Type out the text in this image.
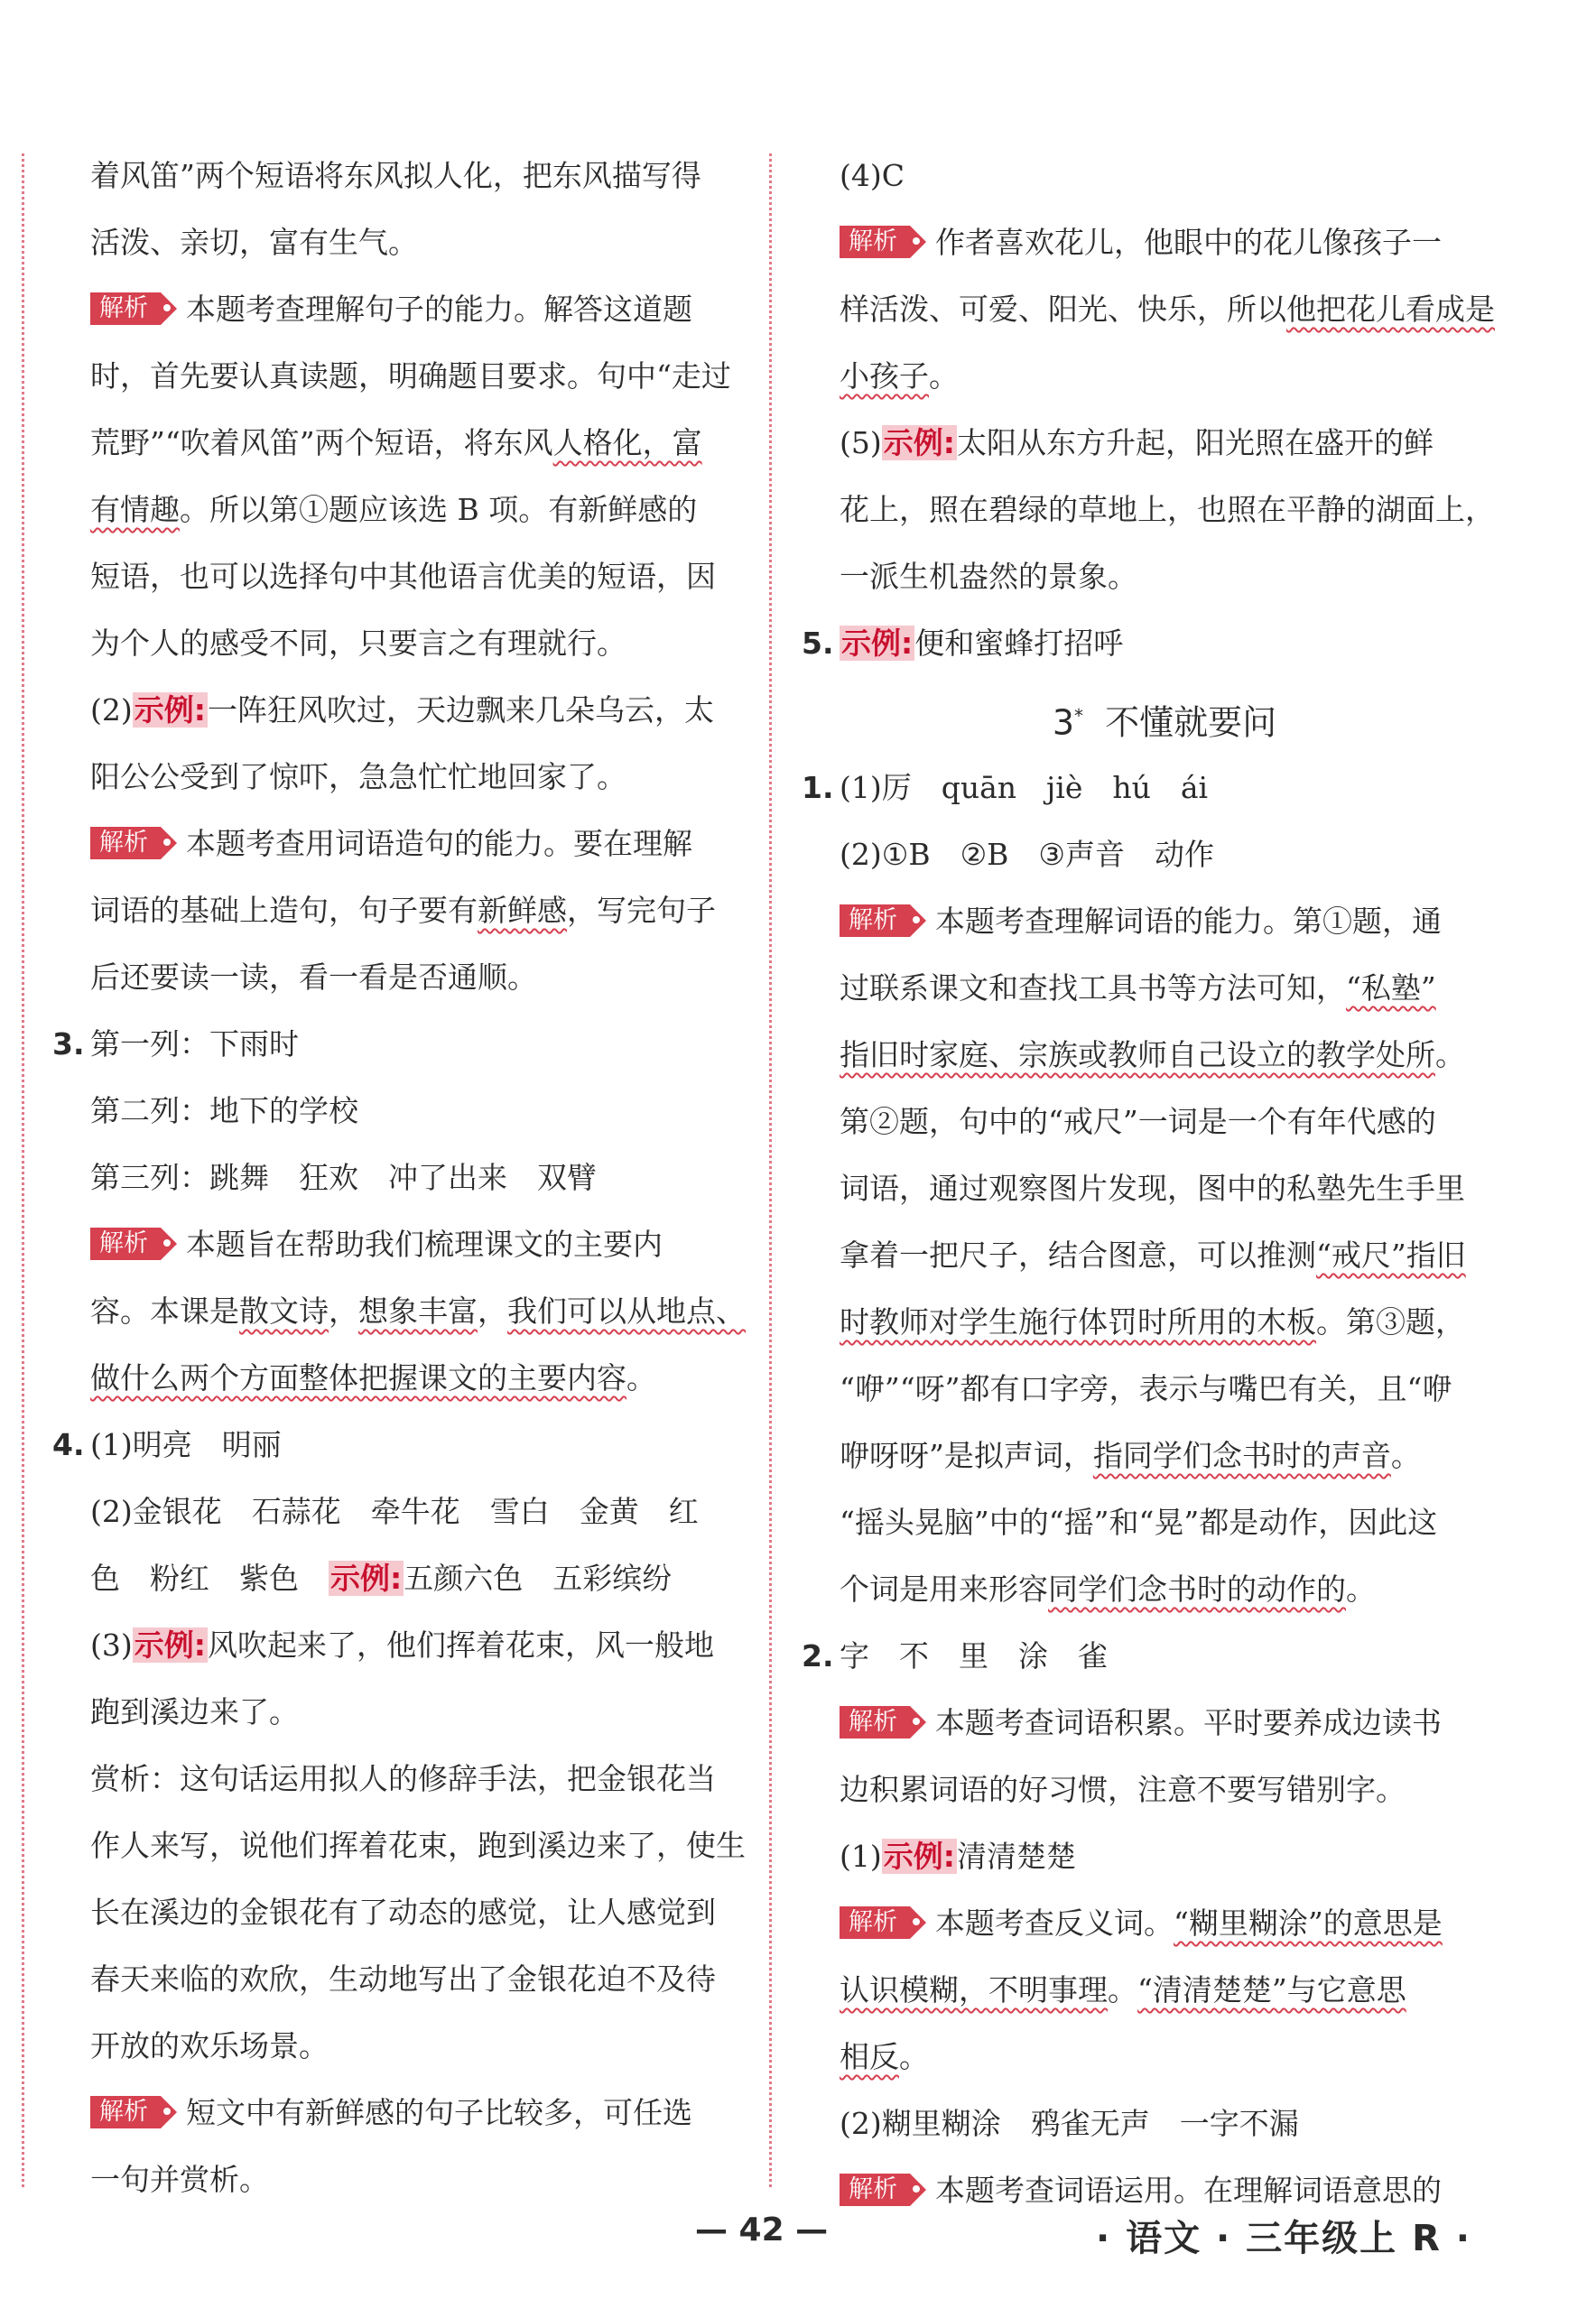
着风笛”两个短语将东风拟人化，把东风描写得
活泼、亲切，富有生气。
解析 本题考查理解句子的能力。解答这道题
时，首先要认真读题，明确题目要求。句中“走过
荒野”“吹着风笛”两个短语，将东风人格化，富
有情趣。所以第①题应该选 B 项。有新鲜感的
短语，也可以选择句中其他语言优美的短语，因
为个人的感受不同，只要言之有理就行。
(2)示例:一阵狂风吹过，天边飘来几朵乌云，太
阳公公受到了惊吓，急急忙忙地回家了。
解析 本题考查用词语造句的能力。要在理解
词语的基础上造句，句子要有新鲜感，写完句子
后还要读一读，看一看是否通顺。
3. 第一列：下雨时
第二列：地下的学校
第三列：跳舞　狂欢　冲了出来　双臂
解析 本题旨在帮助我们梳理课文的主要内
容。本课是散文诗，想象丰富，我们可以从地点、
做什么两个方面整体把握课文的主要内容。
4. (1)明亮　明丽
(2)金银花　石蒜花　牵牛花　雪白　金黄　红
色　粉红　紫色　示例:五颜六色　五彩缤纷
(3)示例:风吹起来了，他们挥着花束，风一般地
跑到溪边来了。
赏析：这句话运用拟人的修辞手法，把金银花当
作人来写，说他们挥着花束，跑到溪边来了，使生
长在溪边的金银花有了动态的感觉，让人感觉到
春天来临的欢欣，生动地写出了金银花迫不及待
开放的欢乐场景。
解析 短文中有新鲜感的句子比较多，可任选
一句并赏析。
(4)C
解析 作者喜欢花儿，他眼中的花儿像孩子一
样活泼、可爱、阳光、快乐，所以他把花儿看成是
小孩子。
(5)示例:太阳从东方升起，阳光照在盛开的鲜
花上，照在碧绿的草地上，也照在平静的湖面上，
一派生机盎然的景象。
5. 示例:便和蜜蜂打招呼
3* 不懂就要问
1. (1)厉　quān　jiè　hú　ái
(2)①B　②B　③声音　动作
解析 本题考查理解词语的能力。第①题，通
过联系课文和查找工具书等方法可知，“私塾”
指旧时家庭、宗族或教师自己设立的教学处所。
第②题，句中的“戒尺”一词是一个有年代感的
词语，通过观察图片发现，图中的私塾先生手里
拿着一把尺子，结合图意，可以推测“戒尺”指旧
时教师对学生施行体罚时所用的木板。第③题，
“咿”“呀”都有口字旁，表示与嘴巴有关，且“咿
咿呀呀”是拟声词，指同学们念书时的声音。
“摇头晃脑”中的“摇”和“晃”都是动作，因此这
个词是用来形容同学们念书时的动作的。
2. 字　不　里　涂　雀
解析 本题考查词语积累。平时要养成边读书
边积累词语的好习惯，注意不要写错别字。
(1)示例:清清楚楚
解析 本题考查反义词。“糊里糊涂”的意思是
认识模糊，不明事理。“清清楚楚”与它意思
相反。
(2)糊里糊涂　鸦雀无声　一字不漏
解析 本题考查词语运用。在理解词语意思的
— 42 —	· 语文 · 三年级上 R ·
